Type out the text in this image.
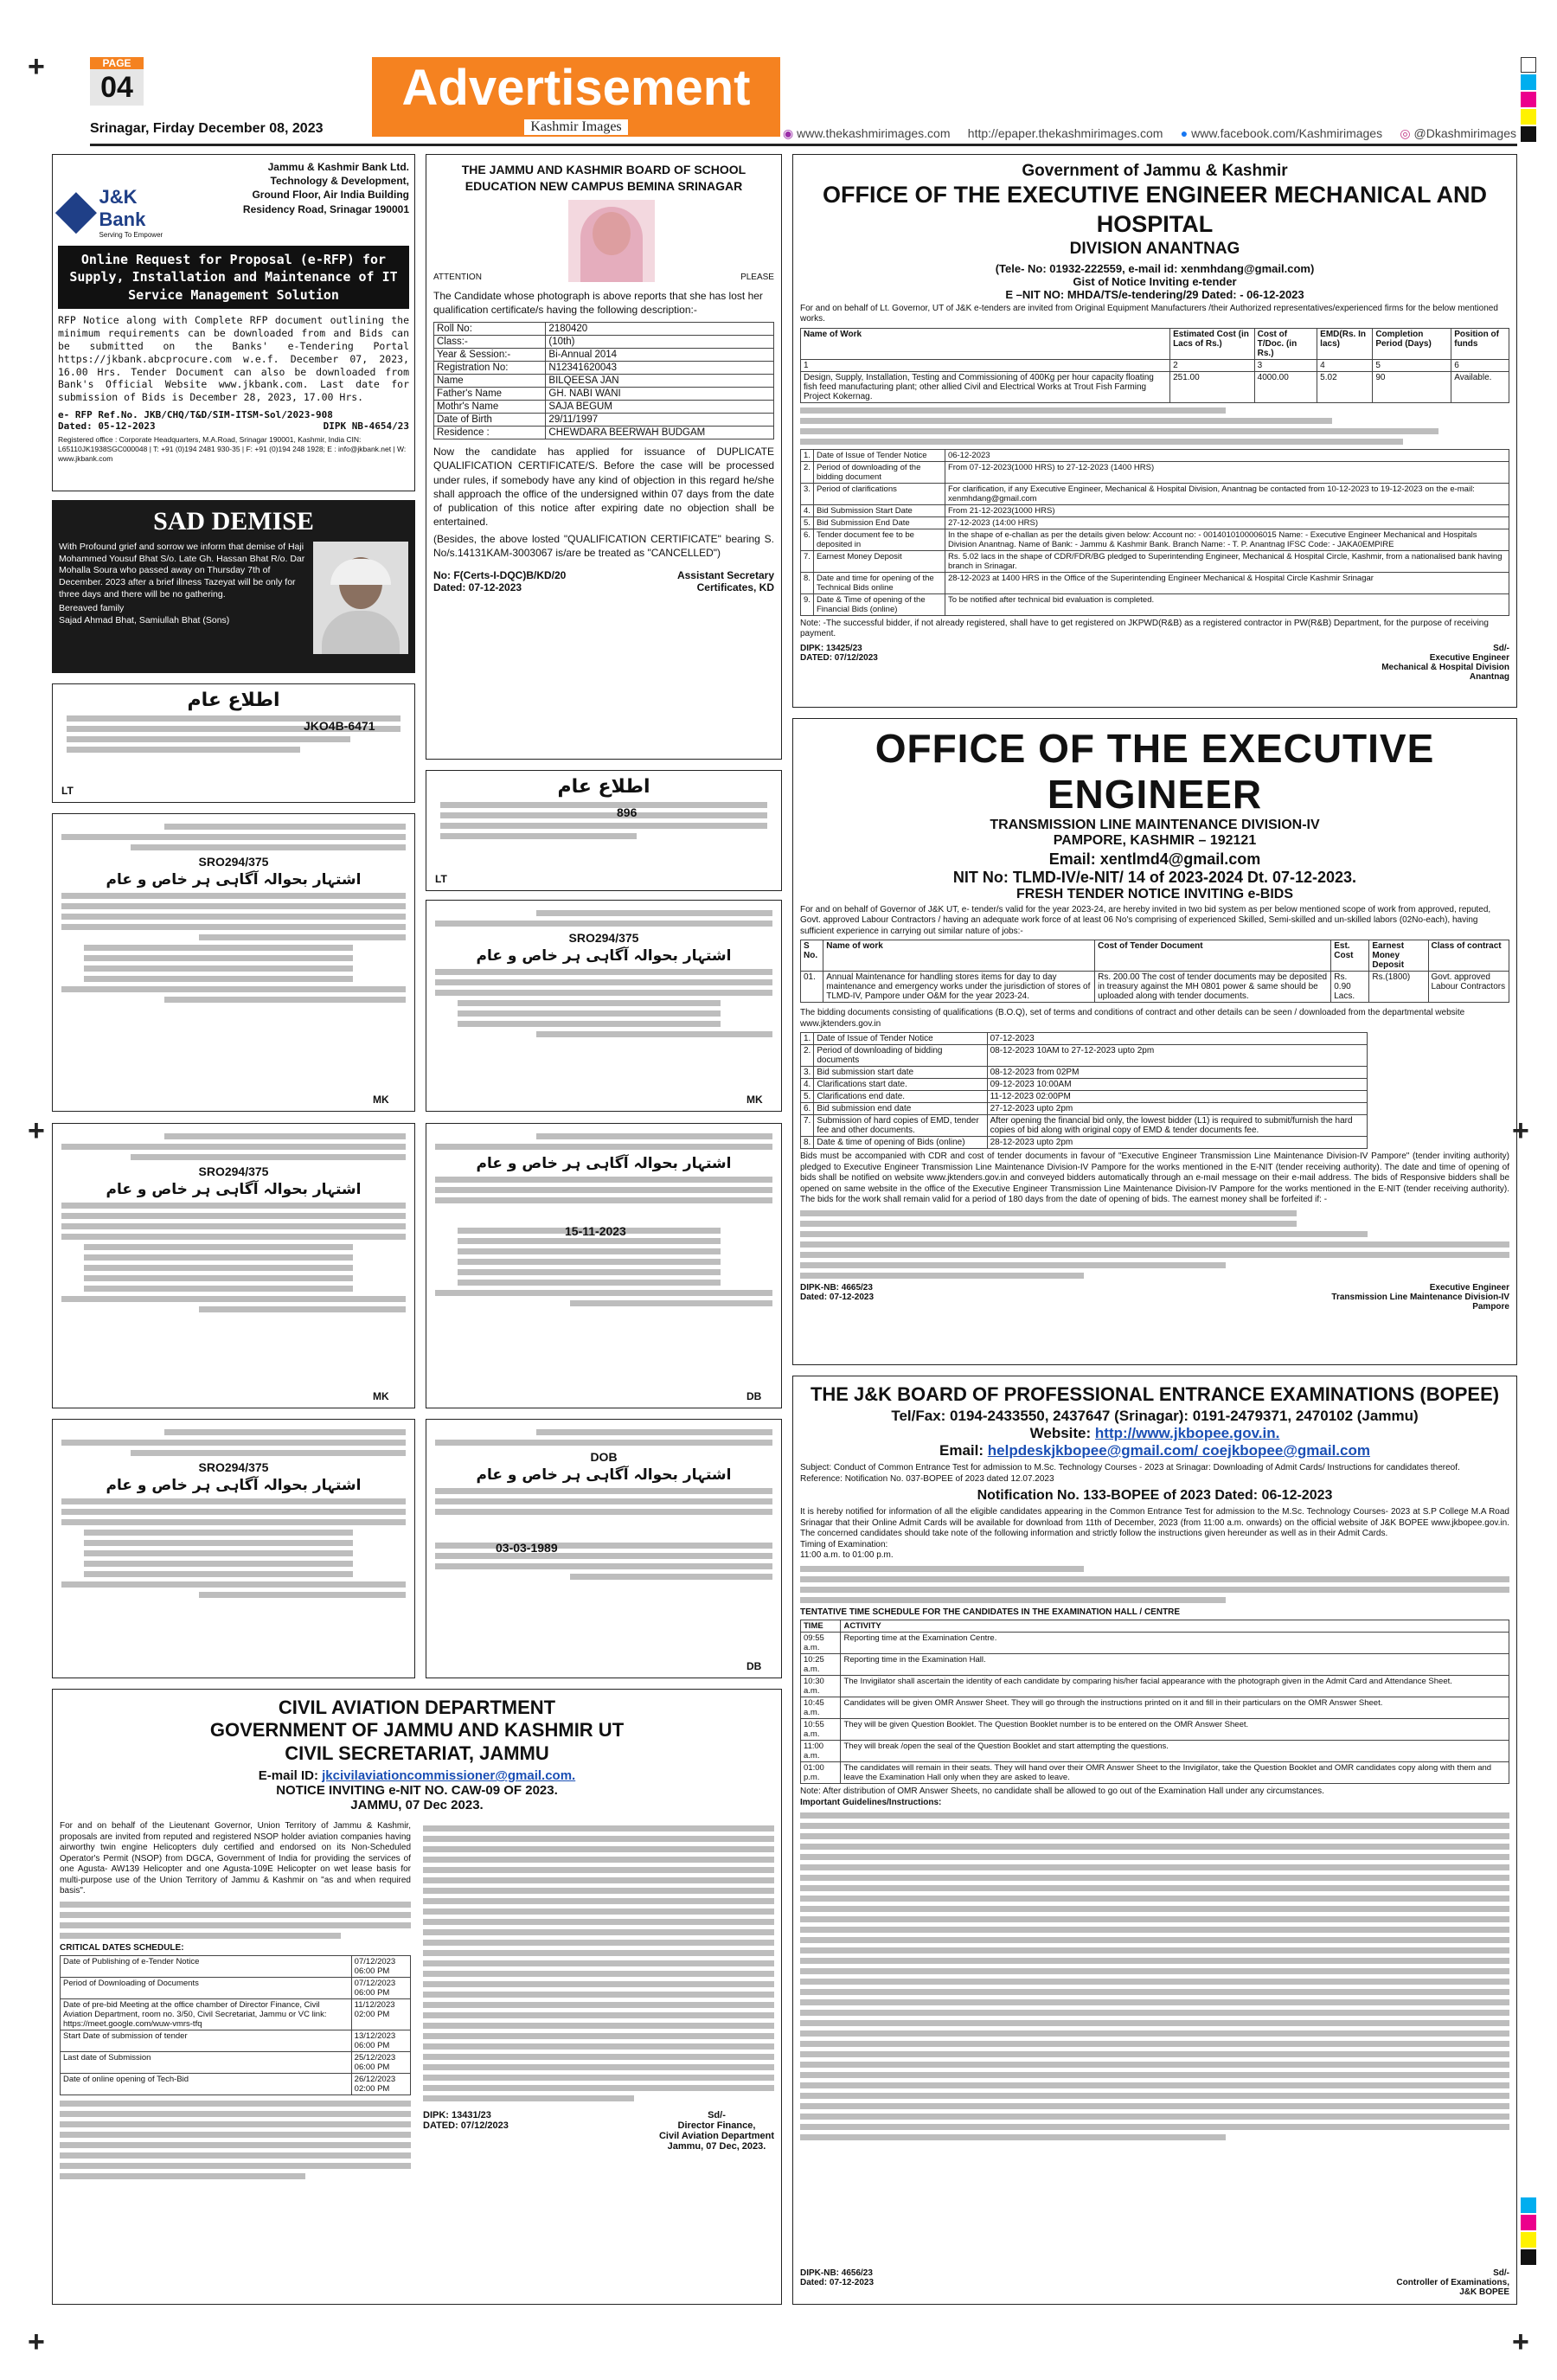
+
+
+
+
+
PAGE
04
Srinagar, Firday December 08, 2023
Advertisement
Kashmir Images	◉ www.thekashmirimages.com http://epaper.thekashmirimages.com ● www.facebook.com/Kashmirimages ◎ @Dkashmirimages
J&K Bank
Serving To Empower
Jammu & Kashmir Bank Ltd.
Technology & Development,
Ground Floor, Air India Building
Residency Road, Srinagar 190001
Online Request for Proposal (e-RFP) for Supply, Installation and Maintenance of IT Service Management Solution
RFP Notice along with Complete RFP document outlining the minimum requirements can be downloaded from and Bids can be submitted on the Banks' e-Tendering Portal https://jkbank.abcprocure.com w.e.f. December 07, 2023, 16.00 Hrs. Tender Document can also be downloaded from Bank's Official Website www.jkbank.com. Last date for submission of Bids is December 28, 2023, 17.00 Hrs.
e- RFP Ref.No. JKB/CHQ/T&D/SIM-ITSM-Sol/2023-908
Dated: 05-12-2023	DIPK NB-4654/23
Registered office : Corporate Headquarters, M.A.Road, Srinagar 190001, Kashmir, India CIN: L65110JK1938SGC000048 | T: +91 (0)194 2481 930-35 | F: +91 (0)194 248 1928; E : info@jkbank.net | W: www.jkbank.com
SAD DEMISE
With Profound grief and sorrow we inform that demise of Haji Mohammed Yousuf Bhat S/o. Late Gh. Hassan Bhat R/o. Dar Mohalla Soura who passed away on Thursday 7th of December. 2023 after a brief illness Tazeyat will be only for three days and there will be no gathering.
Bereaved family
Sajad Ahmad Bhat, Samiullah Bhat (Sons)
THE JAMMU AND KASHMIR BOARD OF SCHOOL EDUCATION NEW CAMPUS BEMINA SRINAGAR
ATTENTION	PLEASE
The Candidate whose photograph is above reports that she has lost her qualification certificate/s having the following description:-
Roll No:	2180420
Class:-	(10th)
Year & Session:-	Bi-Annual 2014
Registration No:	N12341620043
Name	BILQEESA JAN
Father's Name	GH. NABI WANI
Mothr's Name	SAJA BEGUM
Date of Birth	29/11/1997
Residence :	CHEWDARA BEERWAH BUDGAM
Now the candidate has applied for issuance of DUPLICATE QUALIFICATION CERTIFICATE/S. Before the case will be processed under rules, if somebody have any kind of objection in this regard he/she shall approach the office of the undersigned within 07 days from the date of publication of this notice after expiring date no objection shall be entertained.
(Besides, the above losted "QUALIFICATION CERTIFICATE" bearing S. No/s.14131KAM-3003067 is/are be treated as "CANCELLED")
No: F(Certs-I-DQC)B/KD/20	Assistant Secretary
Dated: 07-12-2023	Certificates, KD
اطلاع عام
LT
JKO4B-6471
اطلاع عام
896
LT
SRO294/375
اشتہار بحوالہ آگاہی ہر خاص و عام
MK
SRO294/375
اشتہار بحوالہ آگاہی ہر خاص و عام
MK
SRO294/375
اشتہار بحوالہ آگاہی ہر خاص و عام
MK
اشتہار بحوالہ آگاہی ہر خاص و عام
15-11-2023
DB
SRO294/375
اشتہار بحوالہ آگاہی ہر خاص و عام
DOB
اشتہار بحوالہ آگاہی ہر خاص و عام
03-03-1989
DB
CIVIL AVIATION DEPARTMENT
GOVERNMENT OF JAMMU AND KASHMIR UT
CIVIL SECRETARIAT, JAMMU
E-mail ID: jkcivilaviationcommissioner@gmail.com.
NOTICE INVITING e-NIT NO. CAW-09 OF 2023.
JAMMU, 07 Dec 2023.
For and on behalf of the Lieutenant Governor, Union Territory of Jammu & Kashmir, proposals are invited from reputed and registered NSOP holder aviation companies having airworthy twin engine Helicopters duly certified and endorsed on its Non-Scheduled Operator's Permit (NSOP) from DGCA, Government of India for providing the services of one Agusta- AW139 Helicopter and one Agusta-109E Helicopter on wet lease basis for multi-purpose use of the Union Territory of Jammu & Kashmir on "as and when required basis".
CRITICAL DATES SCHEDULE:
Date of Publishing of e-Tender Notice	07/12/2023 06:00 PM
Period of Downloading of Documents	07/12/2023 06:00 PM
Date of pre-bid Meeting at the office chamber of Director Finance, Civil Aviation Department, room no. 3/50, Civil Secretariat, Jammu or VC link: https://meet.google.com/wuw-vmrs-tfq	11/12/2023 02:00 PM
Start Date of submission of tender	13/12/2023 06:00 PM
Last date of Submission	25/12/2023 06:00 PM
Date of online opening of Tech-Bid	26/12/2023 02:00 PM
DIPK: 13431/23
DATED: 07/12/2023
Sd/-
Director Finance,
Civil Aviation Department
Jammu, 07 Dec, 2023.
Government of Jammu & Kashmir
OFFICE OF THE EXECUTIVE ENGINEER MECHANICAL AND HOSPITAL
DIVISION ANANTNAG
(Tele- No: 01932-222559, e-mail id: xenmhdang@gmail.com)
Gist of Notice Inviting e-tender
E –NIT NO: MHDA/TS/e-tendering/29 Dated: - 06-12-2023
For and on behalf of Lt. Governor, UT of J&K e-tenders are invited from Original Equipment Manufacturers /their Authorized representatives/experienced firms for the below mentioned works.
Name of Work	Estimated Cost (in Lacs of Rs.)	Cost of T/Doc. (in Rs.)	EMD(Rs. In lacs)	Completion Period (Days)	Position of funds
1	2	3	4	5	6
Design, Supply, Installation, Testing and Commissioning of 400Kg per hour capacity floating fish feed manufacturing plant; other allied Civil and Electrical Works at Trout Fish Farming Project Kokernag.	251.00	4000.00	5.02	90	Available.
1.	Date of Issue of Tender Notice	06-12-2023
2.	Period of downloading of the bidding document	From 07-12-2023(1000 HRS) to 27-12-2023 (1400 HRS)
3.	Period of clarifications	For clarification, if any Executive Engineer, Mechanical & Hospital Division, Anantnag be contacted from 10-12-2023 to 19-12-2023 on the e-mail: xenmhdang@gmail.com
4.	Bid Submission Start Date	From 21-12-2023(1000 HRS)
5.	Bid Submission End Date	27-12-2023 (14:00 HRS)
6.	Tender document fee to be deposited in	In the shape of e-challan as per the details given below: Account no: - 0014010100006015 Name: - Executive Engineer Mechanical and Hospitals Division Anantnag. Name of Bank: - Jammu & Kashmir Bank. Branch Name: - T. P. Anantnag IFSC Code: - JAKA0EMPIRE
7.	Earnest Money Deposit	Rs. 5.02 lacs in the shape of CDR/FDR/BG pledged to Superintending Engineer, Mechanical & Hospital Circle, Kashmir, from a nationalised bank having branch in Srinagar.
8.	Date and time for opening of the Technical Bids online	28-12-2023 at 1400 HRS in the Office of the Superintending Engineer Mechanical & Hospital Circle Kashmir Srinagar
9.	Date & Time of opening of the Financial Bids (online)	To be notified after technical bid evaluation is completed.
Note: -The successful bidder, if not already registered, shall have to get registered on JKPWD(R&B) as a registered contractor in PW(R&B) Department, for the purpose of receiving payment.
DIPK: 13425/23
DATED: 07/12/2023
Sd/-
Executive Engineer
Mechanical & Hospital Division
Anantnag
OFFICE OF THE EXECUTIVE ENGINEER
TRANSMISSION LINE MAINTENANCE DIVISION-IV
PAMPORE, KASHMIR – 192121
Email: xentlmd4@gmail.com
NIT No: TLMD-IV/e-NIT/ 14 of 2023-2024 Dt. 07-12-2023.
FRESH TENDER NOTICE INVITING e-BIDS
For and on behalf of Governor of J&K UT, e- tender/s valid for the year 2023-24, are hereby invited in two bid system as per below mentioned scope of work from approved, reputed, Govt. approved Labour Contractors / having an adequate work force of at least 06 No's comprising of experienced Skilled, Semi-skilled and un-skilled labors (02No-each), having sufficient experience in carrying out similar nature of jobs:-
S No.	Name of work	Cost of Tender Document	Est. Cost	Earnest Money Deposit	Class of contract
01.	Annual Maintenance for handling stores items for day to day maintenance and emergency works under the jurisdiction of stores of TLMD-IV, Pampore under O&M for the year 2023-24.	Rs. 200.00 The cost of tender documents may be deposited in treasury against the MH 0801 power & same should be uploaded along with tender documents.	Rs. 0.90 Lacs.	Rs.(1800)	Govt. approved Labour Contractors
The bidding documents consisting of qualifications (B.O.Q), set of terms and conditions of contract and other details can be seen / downloaded from the departmental website www.jktenders.gov.in
1.	Date of Issue of Tender Notice	07-12-2023
2.	Period of downloading of bidding documents	08-12-2023 10AM to 27-12-2023 upto 2pm
3.	Bid submission start date	08-12-2023 from 02PM
4.	Clarifications start date.	09-12-2023 10:00AM
5.	Clarifications end date.	11-12-2023 02:00PM
6.	Bid submission end date	27-12-2023 upto 2pm
7.	Submission of hard copies of EMD, tender fee and other documents.	After opening the financial bid only, the lowest bidder (L1) is required to submit/furnish the hard copies of bid along with original copy of EMD & tender documents fee.
8.	Date & time of opening of Bids (online)	28-12-2023 upto 2pm
Bids must be accompanied with CDR and cost of tender documents in favour of "Executive Engineer Transmission Line Maintenance Division-IV Pampore" (tender inviting authority) pledged to Executive Engineer Transmission Line Maintenance Division-IV Pampore for the works mentioned in the E-NIT (tender receiving authority). The date and time of opening of bids shall be notified on website www.jktenders.gov.in and conveyed bidders automatically through an e-mail message on their e-mail address. The bids of Responsive bidders shall be opened on same website in the office of the Executive Engineer Transmission Line Maintenance Division-IV Pampore for the works mentioned in the E-NIT (tender receiving authority). The bids for the work shall remain valid for a period of 180 days from the date of opening of bids. The earnest money shall be forfeited if: -
DIPK-NB: 4665/23
Dated: 07-12-2023
Executive Engineer
Transmission Line Maintenance Division-IV
Pampore
THE J&K BOARD OF PROFESSIONAL ENTRANCE EXAMINATIONS (BOPEE)
Tel/Fax: 0194-2433550, 2437647 (Srinagar): 0191-2479371, 2470102 (Jammu)
Website: http://www.jkbopee.gov.in.
Email: helpdeskjkbopee@gmail.com/ coejkbopee@gmail.com
Subject: Conduct of Common Entrance Test for admission to M.Sc. Technology Courses - 2023 at Srinagar: Downloading of Admit Cards/ Instructions for candidates thereof.
Reference: Notification No. 037-BOPEE of 2023 dated 12.07.2023
Notification No. 133-BOPEE of 2023 Dated: 06-12-2023
It is hereby notified for information of all the eligible candidates appearing in the Common Entrance Test for admission to the M.Sc. Technology Courses- 2023 at S.P College M.A Road Srinagar that their Online Admit Cards will be available for download from 11th of December, 2023 (from 11:00 a.m. onwards) on the official website of J&K BOPEE www.jkbopee.gov.in. The concerned candidates should take note of the following information and strictly follow the instructions given hereunder as well as in their Admit Cards.
Timing of Examination:
11:00 a.m. to 01:00 p.m.
TENTATIVE TIME SCHEDULE FOR THE CANDIDATES IN THE EXAMINATION HALL / CENTRE
TIME	ACTIVITY
09:55 a.m.	Reporting time at the Examination Centre.
10:25 a.m.	Reporting time in the Examination Hall.
10:30 a.m.	The Invigilator shall ascertain the identity of each candidate by comparing his/her facial appearance with the photograph given in the Admit Card and Attendance Sheet.
10:45 a.m.	Candidates will be given OMR Answer Sheet. They will go through the instructions printed on it and fill in their particulars on the OMR Answer Sheet.
10:55 a.m.	They will be given Question Booklet. The Question Booklet number is to be entered on the OMR Answer Sheet.
11:00 a.m.	They will break /open the seal of the Question Booklet and start attempting the questions.
01:00 p.m.	The candidates will remain in their seats. They will hand over their OMR Answer Sheet to the Invigilator, take the Question Booklet and OMR candidates copy along with them and leave the Examination Hall only when they are asked to leave.
Note: After distribution of OMR Answer Sheets, no candidate shall be allowed to go out of the Examination Hall under any circumstances.
Important Guidelines/Instructions:
DIPK-NB: 4656/23
Dated: 07-12-2023
Sd/-
Controller of Examinations,
J&K BOPEE
